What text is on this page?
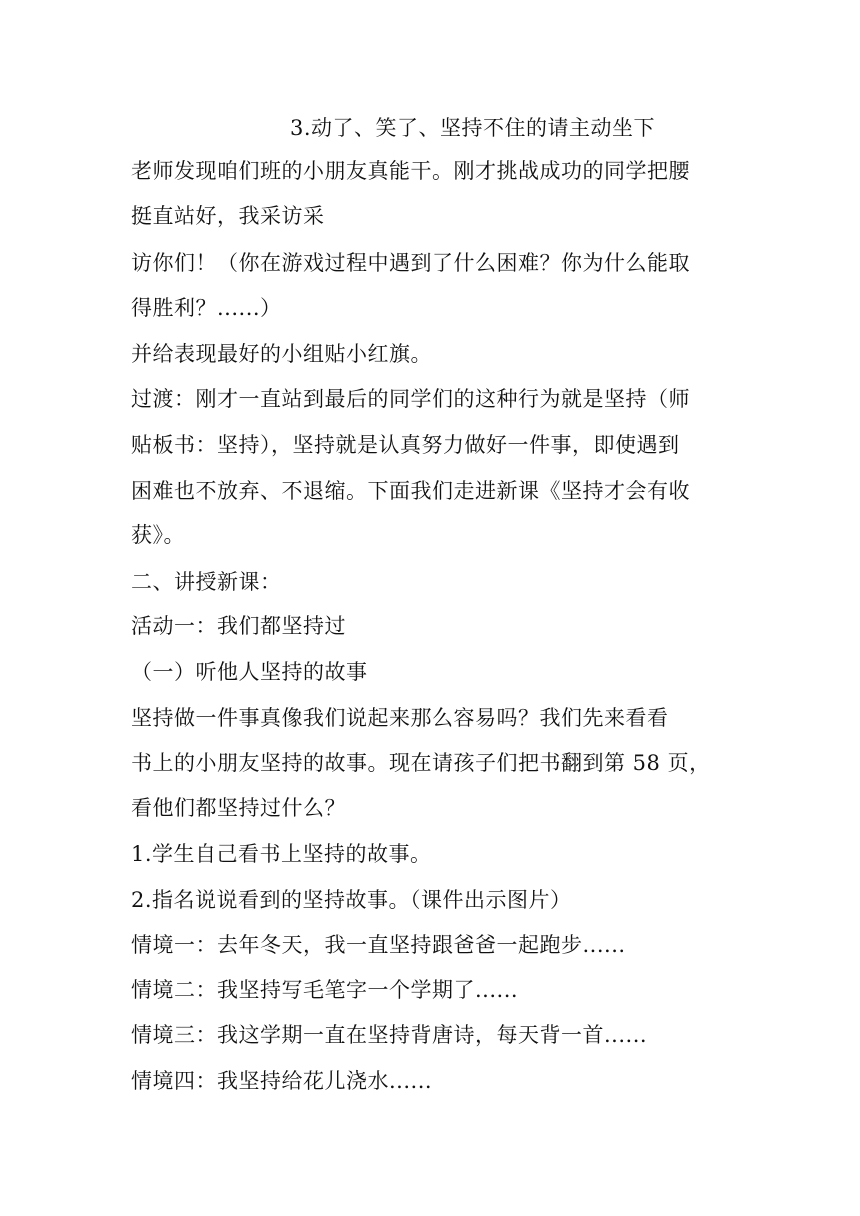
3.动了、笑了、坚持不住的请主动坐下
老师发现咱们班的小朋友真能干。刚才挑战成功的同学把腰
挺直站好，我采访采
访你们！（你在游戏过程中遇到了什么困难？你为什么能取
得胜利？......）
并给表现最好的小组贴小红旗。
过渡：刚才一直站到最后的同学们的这种行为就是坚持（师
贴板书：坚持），坚持就是认真努力做好一件事，即使遇到
困难也不放弃、不退缩。下面我们走进新课《坚持才会有收
获》。
二、讲授新课：
活动一：我们都坚持过
（一）听他人坚持的故事
坚持做一件事真像我们说起来那么容易吗？我们先来看看
书上的小朋友坚持的故事。现在请孩子们把书翻到第 58 页，
看他们都坚持过什么？
1.学生自己看书上坚持的故事。
2.指名说说看到的坚持故事。（课件出示图片）
情境一：去年冬天，我一直坚持跟爸爸一起跑步......
情境二：我坚持写毛笔字一个学期了......
情境三：我这学期一直在坚持背唐诗，每天背一首......
情境四：我坚持给花儿浇水......
